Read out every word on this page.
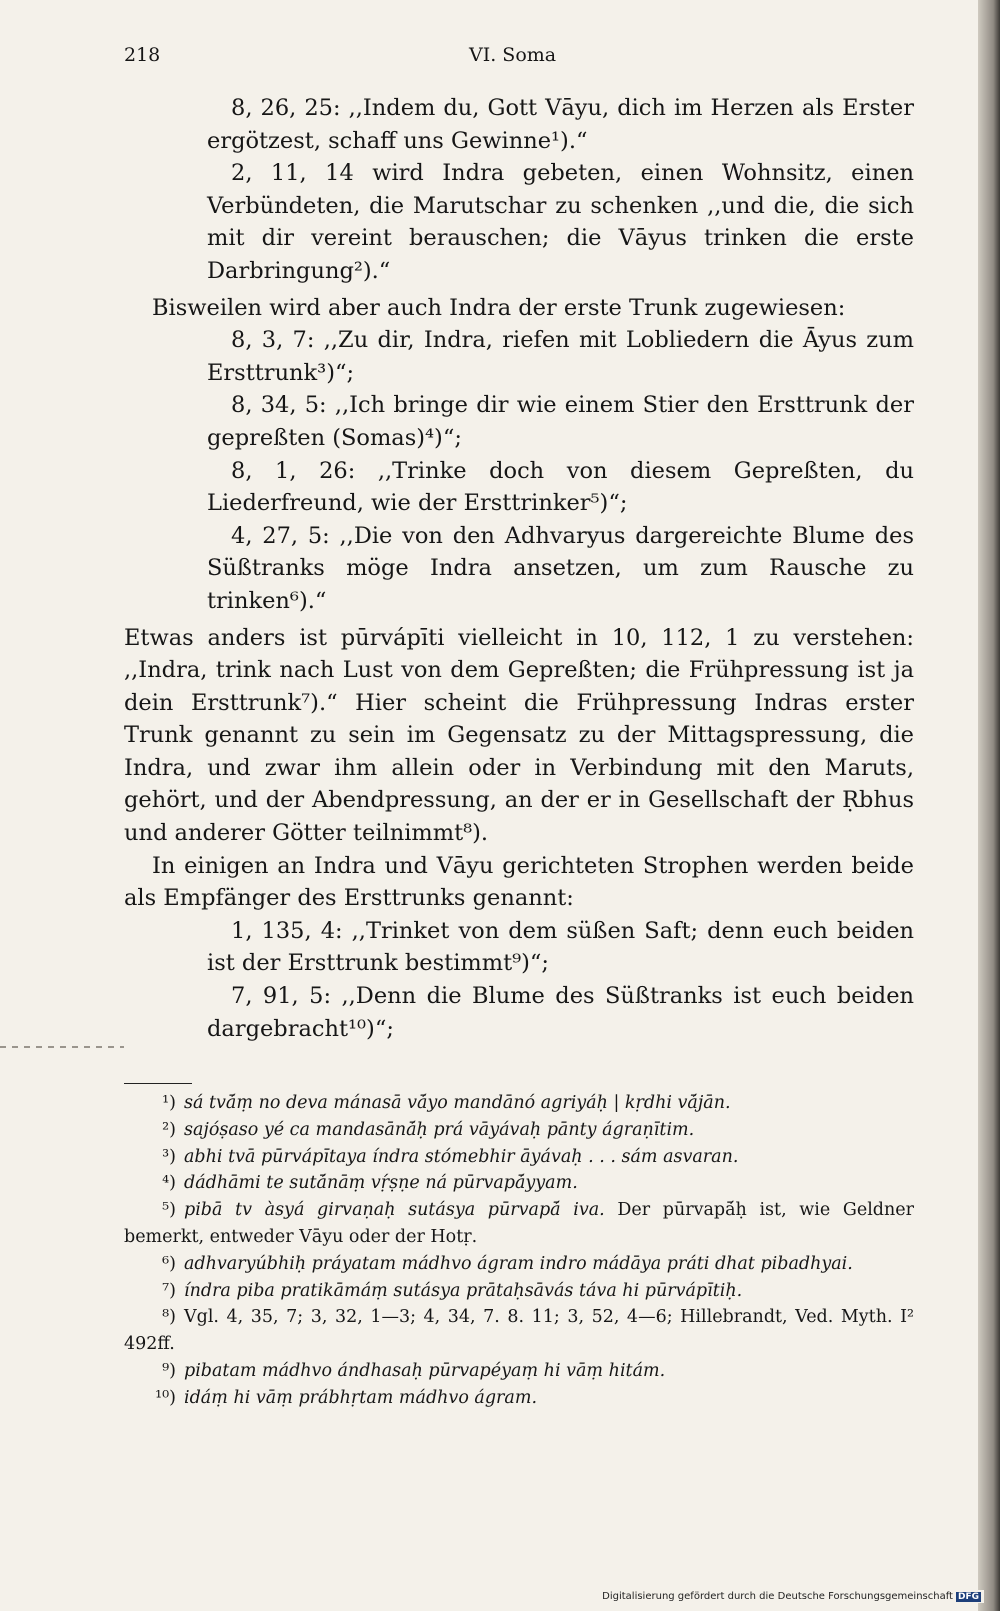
218	VI. Soma

8, 26, 25: ,,Indem du, Gott Vāyu, dich im Herzen als Erster ergötzest, schaff uns Gewinne¹).“

2, 11, 14 wird Indra gebeten, einen Wohnsitz, einen Verbündeten, die Marutschar zu schenken ,,und die, die sich mit dir vereint berauschen; die Vāyus trinken die erste Darbringung²).“

Bisweilen wird aber auch Indra der erste Trunk zugewiesen:

8, 3, 7: ,,Zu dir, Indra, riefen mit Lobliedern die Āyus zum Ersttrunk³)“;

8, 34, 5: ,,Ich bringe dir wie einem Stier den Ersttrunk der gepreßten (Somas)⁴)“;

8, 1, 26: ,,Trinke doch von diesem Gepreßten, du Liederfreund, wie der Ersttrinker⁵)“;

4, 27, 5: ,,Die von den Adhvaryus dargereichte Blume des Süßtranks möge Indra ansetzen, um zum Rausche zu trinken⁶).“

Etwas anders ist pūrvápīti vielleicht in 10, 112, 1 zu verstehen: ,,Indra, trink nach Lust von dem Gepreßten; die Frühpressung ist ja dein Ersttrunk⁷).“ Hier scheint die Frühpressung Indras erster Trunk genannt zu sein im Gegensatz zu der Mittagspressung, die Indra, und zwar ihm allein oder in Verbindung mit den Maruts, gehört, und der Abendpressung, an der er in Gesellschaft der Ṛbhus und anderer Götter teilnimmt⁸).

In einigen an Indra und Vāyu gerichteten Strophen werden beide als Empfänger des Ersttrunks genannt:

1, 135, 4: ,,Trinket von dem süßen Saft; denn euch beiden ist der Ersttrunk bestimmt⁹)“;

7, 91, 5: ,,Denn die Blume des Süßtranks ist euch beiden dargebracht¹⁰)“;

¹) sá tvā́ṃ no deva mánasā vā́yo mandānó agriyáḥ | kṛdhi vā́jān.

²) sajóṣaso yé ca mandasānā́ḥ prá vāyávaḥ pānty ágraṇītim.

³) abhi tvā pūrvápītaya índra stómebhir āyávaḥ . . . sám asvaran.

⁴) dádhāmi te sutā́nāṃ vṛ́ṣṇe ná pūrvapā́yyam.

⁵) pibā tv àsyá girvaṇaḥ sutásya pūrvapā́ iva. Der pūrvapā́ḥ ist, wie Geldner bemerkt, entweder Vāyu oder der Hotṛ.

⁶) adhvaryúbhiḥ práyatam mádhvo ágram indro mádāya práti dhat pibadhyai.

⁷) índra piba pratikāmáṃ sutásya prātaḥsāvás táva hi pūrvápītiḥ.

⁸) Vgl. 4, 35, 7; 3, 32, 1—3; 4, 34, 7. 8. 11; 3, 52, 4—6; Hillebrandt, Ved. Myth. I² 492ff.

⁹) pibatam mádhvo ándhasaḥ pūrvapéyaṃ hi vāṃ hitám.

¹⁰) idáṃ hi vāṃ prábhṛtam mádhvo ágram.

Digitalisierung gefördert durch die Deutsche Forschungsgemeinschaft DFG
